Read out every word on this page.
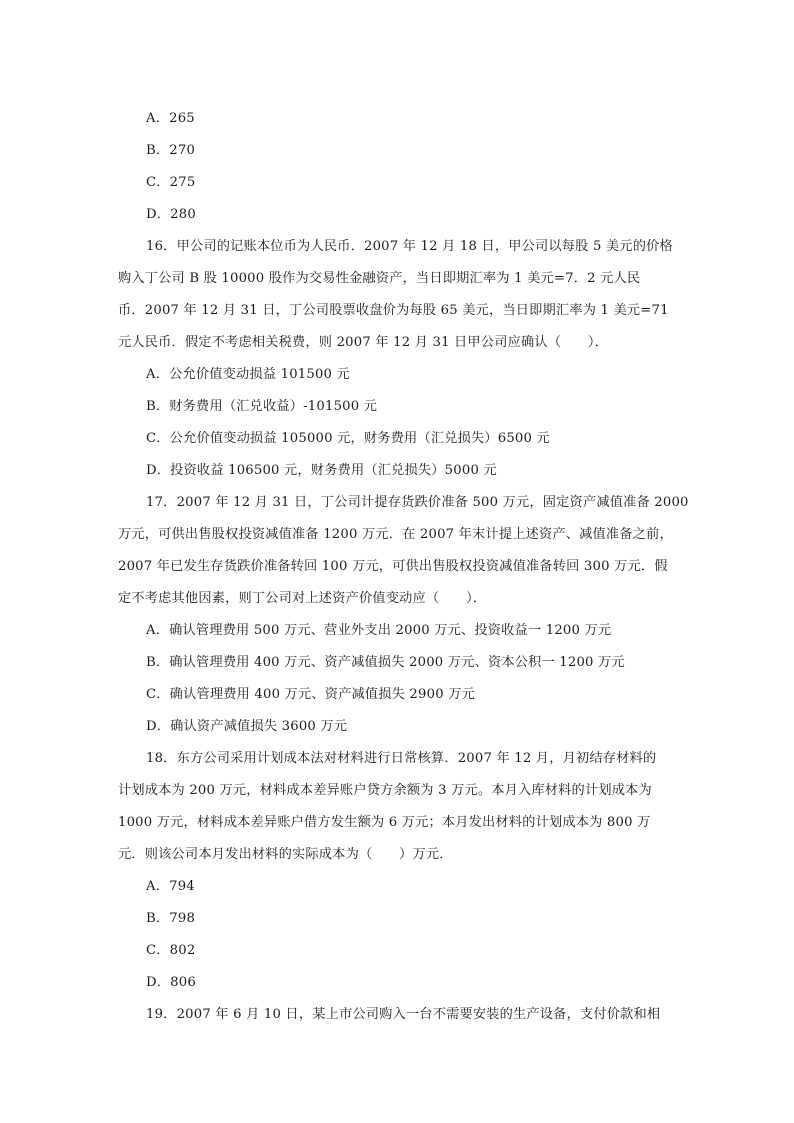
A．265
B．270
C．275
D．280
16．甲公司的记账本位币为人民币．2007 年 12 月 18 日，甲公司以每股 5 美元的价格
购入丁公司 B 股 10000 股作为交易性金融资产，当日即期汇率为 1 美元=7．2 元人民
币．2007 年 12 月 31 日，丁公司股票收盘价为每股 65 美元，当日即期汇率为 1 美元=71
元人民币．假定不考虑相关税费，则 2007 年 12 月 31 日甲公司应确认（　　）．
A．公允价值变动损益 101500 元
B．财务费用（汇兑收益）-101500 元
C．公允价值变动损益 105000 元，财务费用（汇兑损失）6500 元
D．投资收益 106500 元，财务费用（汇兑损失）5000 元
17．2007 年 12 月 31 日，丁公司计提存货跌价准备 500 万元，固定资产减值准备 2000
万元，可供出售股权投资减值准备 1200 万元．在 2007 年末计提上述资产、减值准备之前，
2007 年已发生存货跌价准备转回 100 万元，可供出售股权投资减值准备转回 300 万元．假
定不考虑其他因素，则丁公司对上述资产价值变动应（　　）．
A．确认管理费用 500 万元、营业外支出 2000 万元、投资收益一 1200 万元
B．确认管理费用 400 万元、资产减值损失 2000 万元、资本公积一 1200 万元
C．确认管理费用 400 万元、资产减值损失 2900 万元
D．确认资产减值损失 3600 万元
18．东方公司采用计划成本法对材料进行日常核算．2007 年 12 月，月初结存材料的
计划成本为 200 万元，材料成本差异账户贷方余额为 3 万元。本月入库材料的计划成本为
1000 万元，材料成本差异账户借方发生额为 6 万元；本月发出材料的计划成本为 800 万
元．则该公司本月发出材料的实际成本为（　　）万元．
A．794
B．798
C．802
D．806
19．2007 年 6 月 10 日，某上市公司购入一台不需要安装的生产设备，支付价款和相
